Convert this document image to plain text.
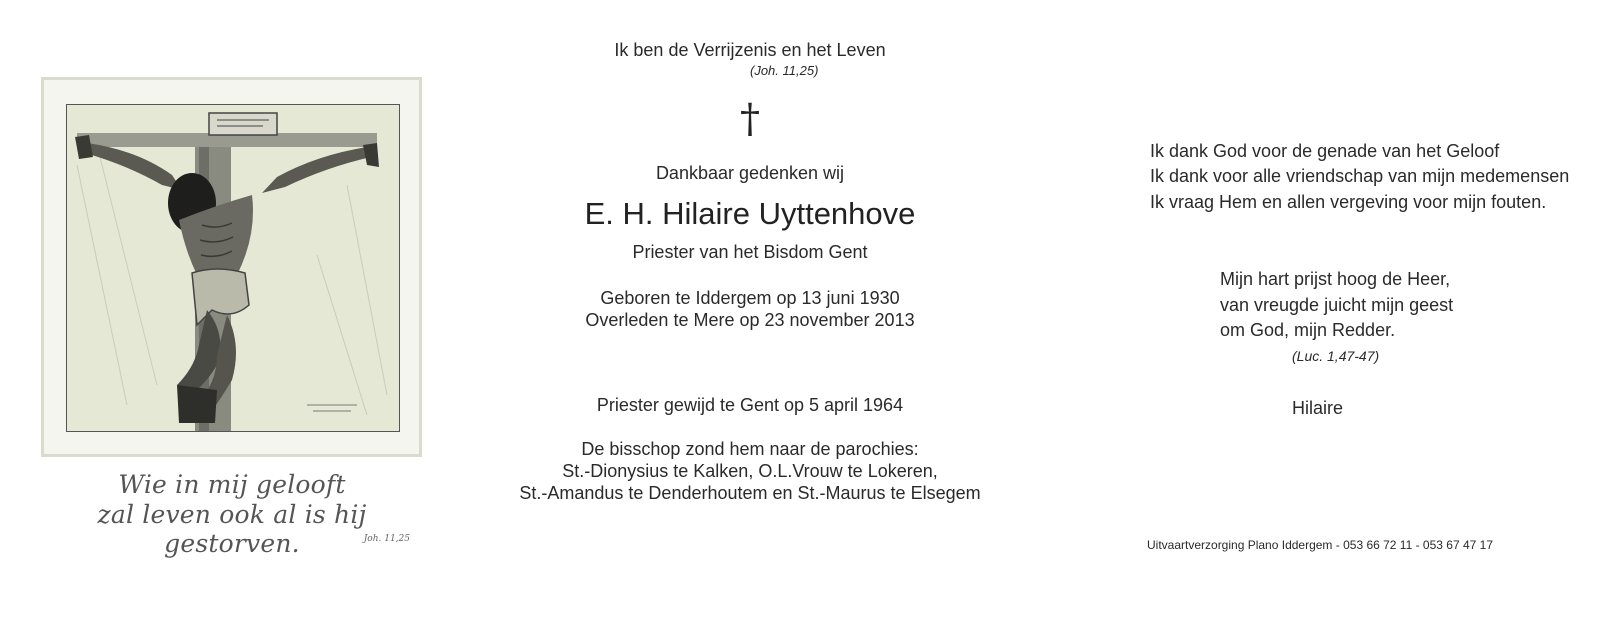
Wie in mij gelooft
zal leven ook al is hij gestorven.	Joh. 11,25
Ik ben de Verrijzenis en het Leven
(Joh. 11,25)
†
Dankbaar gedenken wij
E. H. Hilaire Uyttenhove
Priester van het Bisdom Gent
Geboren te Iddergem op 13 juni 1930
Overleden te Mere op 23 november 2013
Priester gewijd te Gent op 5 april 1964
De bisschop zond hem naar de parochies:
St.-Dionysius te Kalken, O.L.Vrouw te Lokeren,
St.-Amandus te Denderhoutem en St.-Maurus te Elsegem
Ik dank God voor de genade van het Geloof
Ik dank voor alle vriendschap van mijn medemensen
Ik vraag Hem en allen vergeving voor mijn fouten.
Mijn hart prijst hoog de Heer,
van vreugde juicht mijn geest
om God, mijn Redder.
(Luc. 1,47-47)
Hilaire
Uitvaartverzorging Plano Iddergem - 053 66 72 11 - 053 67 47 17
